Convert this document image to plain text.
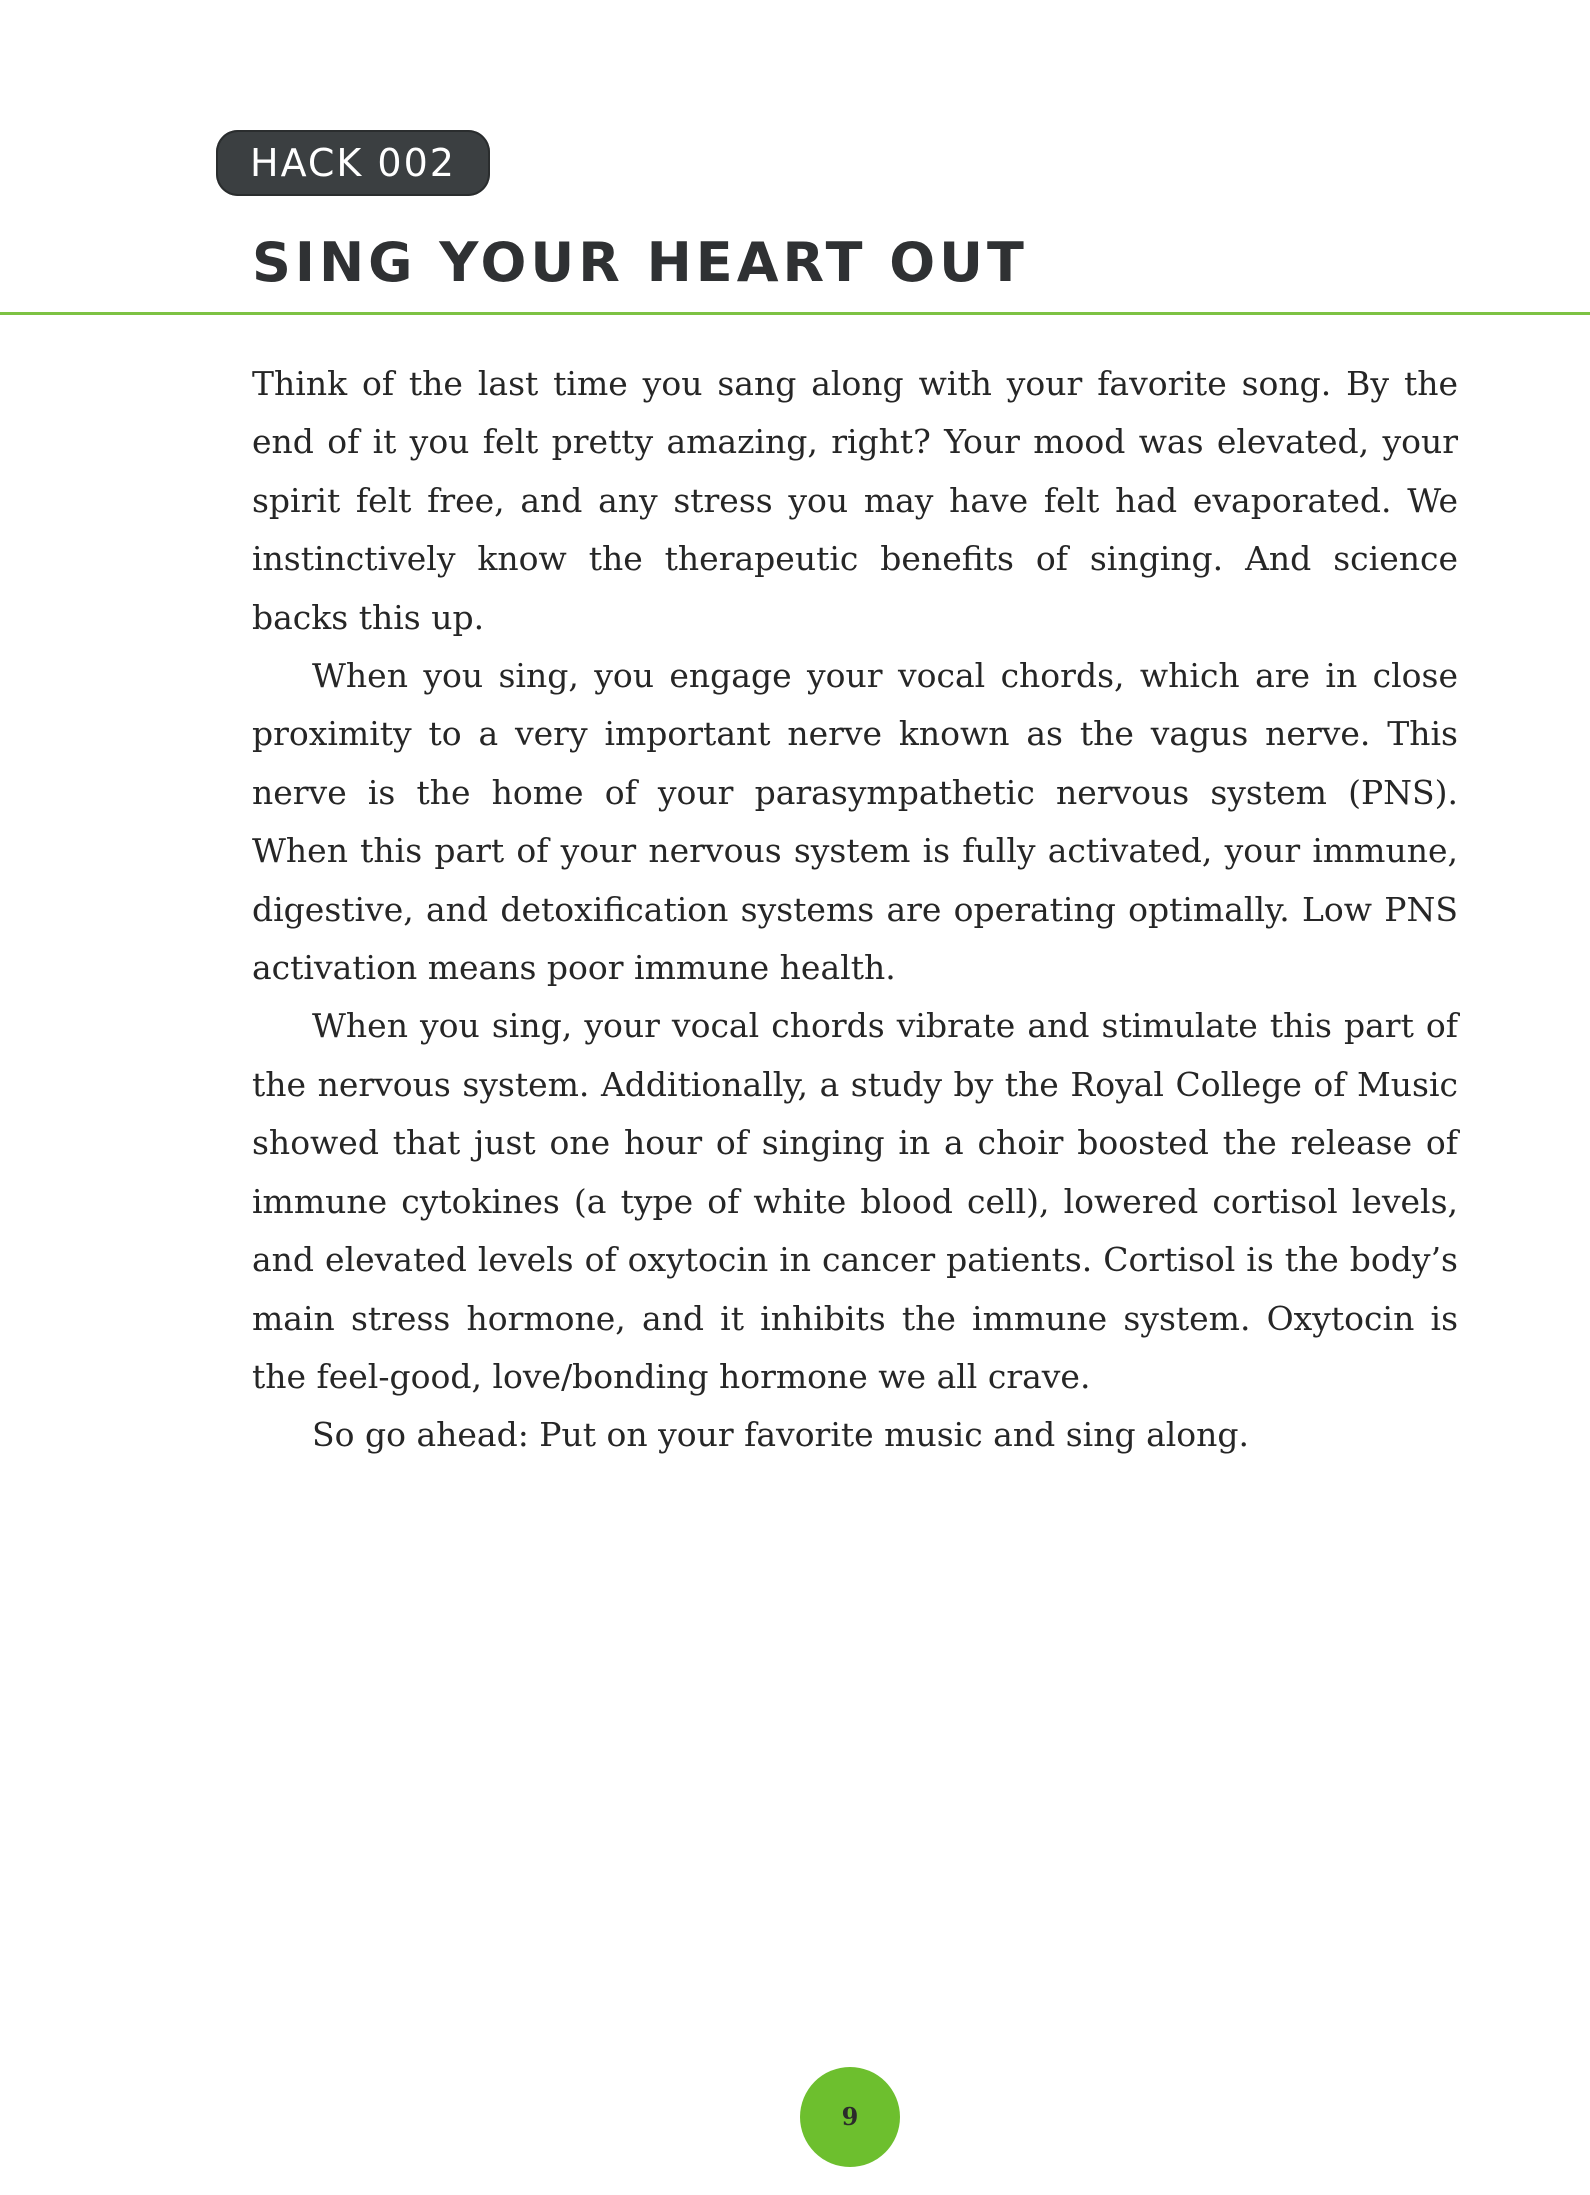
HACK 002
SING YOUR HEART OUT

Think of the last time you sang along with your favorite song. By the end of it you felt pretty amazing, right? Your mood was elevated, your spirit felt free, and any stress you may have felt had evaporated. We instinctively know the therapeutic benefits of singing. And science backs this up.

When you sing, you engage your vocal chords, which are in close proximity to a very important nerve known as the vagus nerve. This nerve is the home of your parasympathetic nervous system (PNS). When this part of your nervous system is fully activated, your immune, digestive, and detoxification systems are operating optimally. Low PNS activation means poor immune health.

When you sing, your vocal chords vibrate and stimulate this part of the nervous system. Additionally, a study by the Royal College of Music showed that just one hour of singing in a choir boosted the release of immune cytokines (a type of white blood cell), lowered cortisol levels, and elevated levels of oxytocin in cancer patients. Cortisol is the body’s main stress hormone, and it inhibits the immune system. Oxytocin is the feel-good, love/bonding hormone we all crave.

So go ahead: Put on your favorite music and sing along.

9
